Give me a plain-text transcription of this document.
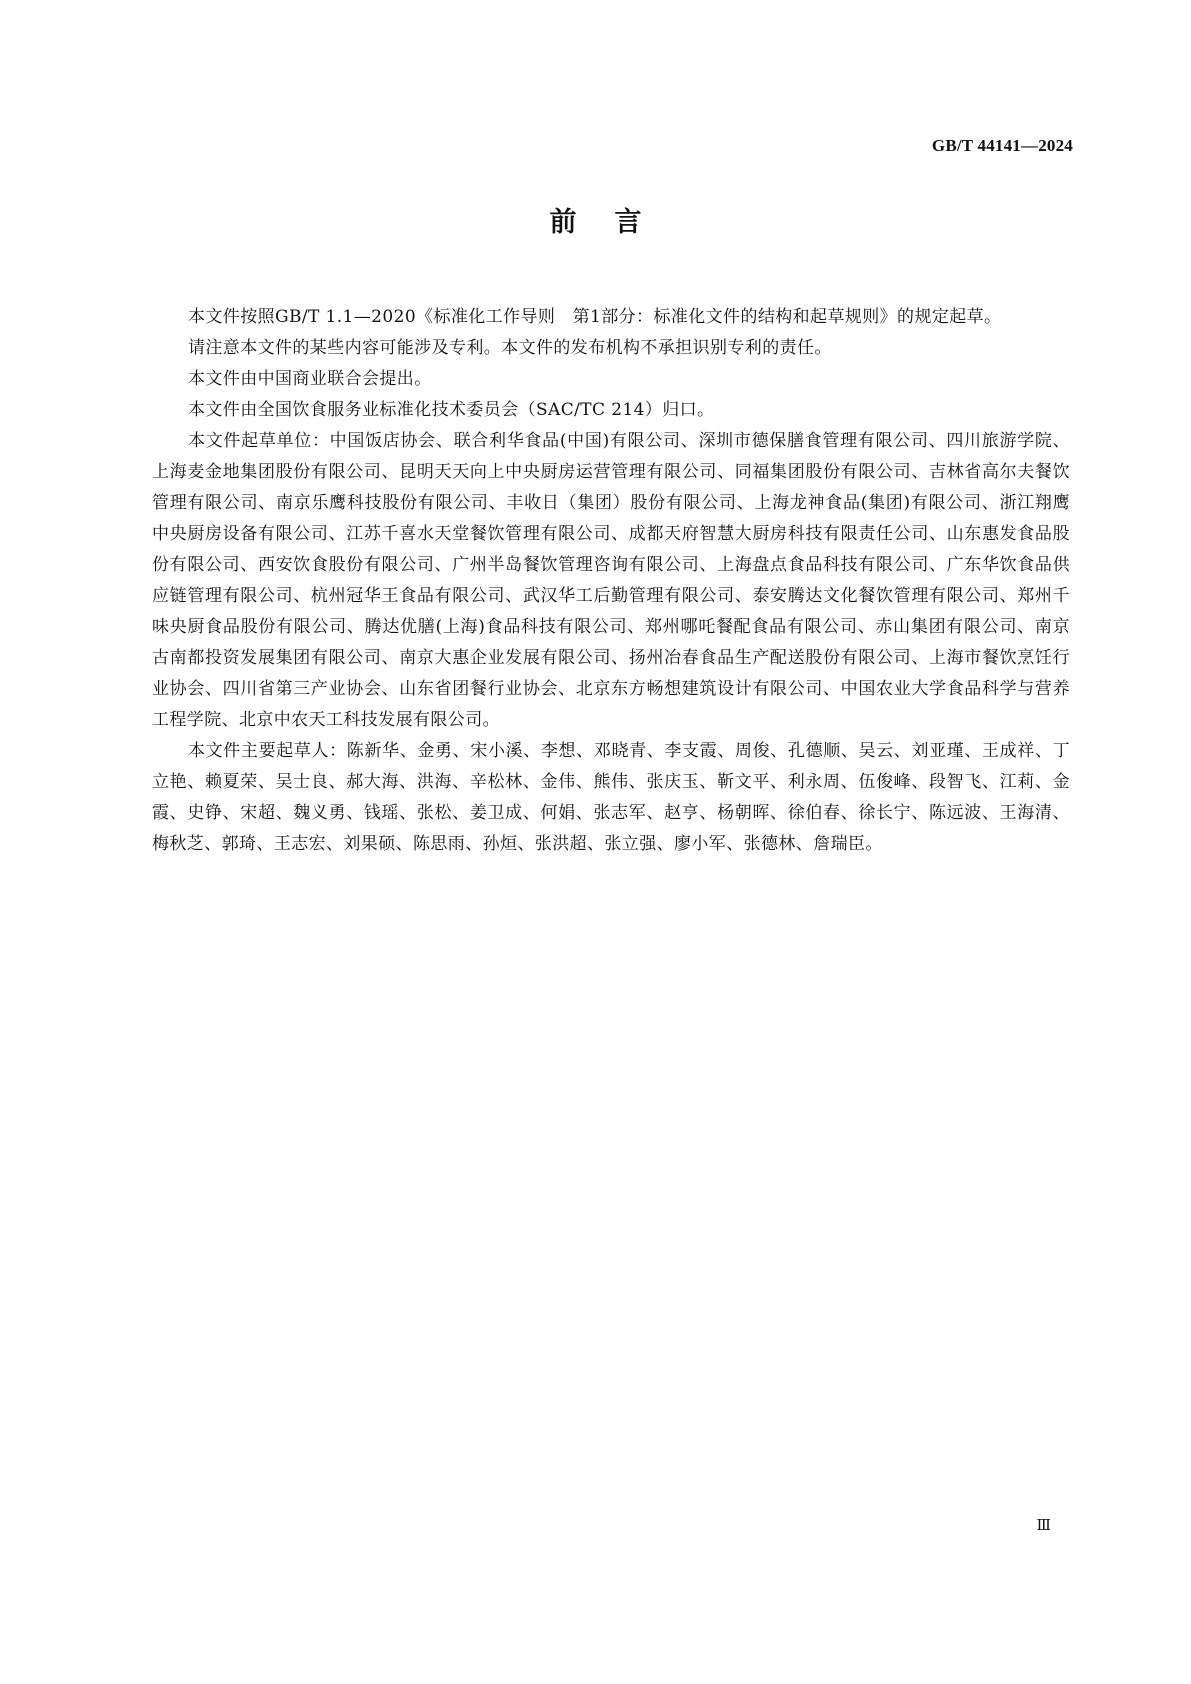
GB/T 44141—2024
前言

本文件按照GB/T 1.1—2020《标准化工作导则　第1部分：标准化文件的结构和起草规则》的规定起草。

请注意本文件的某些内容可能涉及专利。本文件的发布机构不承担识别专利的责任。

本文件由中国商业联合会提出。

本文件由全国饮食服务业标准化技术委员会（SAC/TC 214）归口。

本文件起草单位：中国饭店协会、联合利华食品(中国)有限公司、深圳市德保膳食管理有限公司、四川旅游学院、上海麦金地集团股份有限公司、昆明天天向上中央厨房运营管理有限公司、同福集团股份有限公司、吉林省高尔夫餐饮管理有限公司、南京乐鹰科技股份有限公司、丰收日（集团）股份有限公司、上海龙神食品(集团)有限公司、浙江翔鹰中央厨房设备有限公司、江苏千喜水天堂餐饮管理有限公司、成都天府智慧大厨房科技有限责任公司、山东惠发食品股份有限公司、西安饮食股份有限公司、广州半岛餐饮管理咨询有限公司、上海盘点食品科技有限公司、广东华饮食品供应链管理有限公司、杭州冠华王食品有限公司、武汉华工后勤管理有限公司、泰安腾达文化餐饮管理有限公司、郑州千味央厨食品股份有限公司、腾达优膳(上海)食品科技有限公司、郑州哪吒餐配食品有限公司、赤山集团有限公司、南京古南都投资发展集团有限公司、南京大惠企业发展有限公司、扬州冶春食品生产配送股份有限公司、上海市餐饮烹饪行业协会、四川省第三产业协会、山东省团餐行业协会、北京东方畅想建筑设计有限公司、中国农业大学食品科学与营养工程学院、北京中农天工科技发展有限公司。

本文件主要起草人：陈新华、金勇、宋小溪、李想、邓晓青、李支霞、周俊、孔德顺、吴云、刘亚瑾、王成祥、丁立艳、赖夏荣、吴士良、郝大海、洪海、辛松林、金伟、熊伟、张庆玉、靳文平、利永周、伍俊峰、段智飞、江莉、金霞、史铮、宋超、魏义勇、钱瑶、张松、姜卫成、何娟、张志军、赵亨、杨朝晖、徐伯春、徐长宁、陈远波、王海清、梅秋芝、郭琦、王志宏、刘果硕、陈思雨、孙烜、张洪超、张立强、廖小军、张德林、詹瑞臣。

Ⅲ
